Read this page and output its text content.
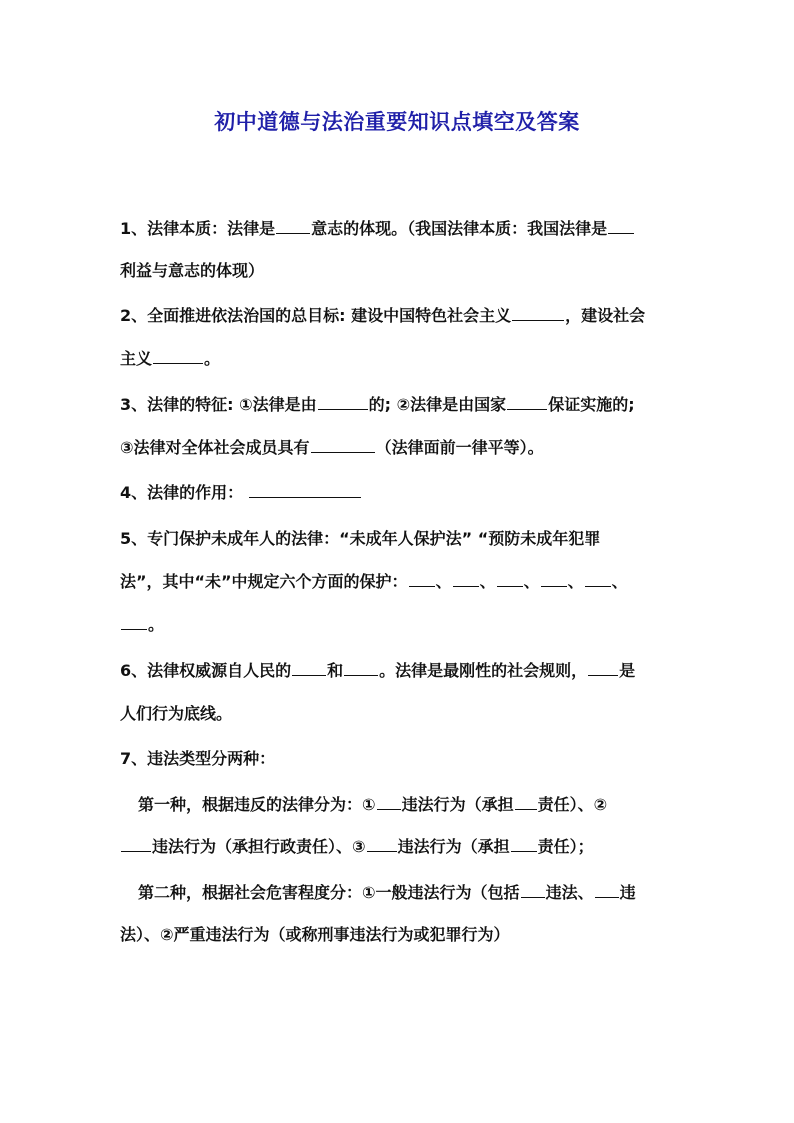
初中道德与法治重要知识点填空及答案
1、法律本质：法律是 意志的体现。（我国法律本质：我国法律是
利益与意志的体现）
2、全面推进依法治国的总目标: 建设中国特色社会主义	，建设社会
主义	。
3、法律的特征: ①法律是由	的; ②法律是由国家	保证实施的;
③法律对全体社会成员具有	（法律面前一律平等）。
4、法律的作用：
5、专门保护未成年人的法律：“未成年人保护法” “预防未成年犯罪
法”，其中“未”中规定六个方面的保护： 、 、 、 、 、
。
6、法律权威源自人民的 和 。法律是最刚性的社会规则， 是
人们行为底线。
7、违法类型分两种：
第一种，根据违反的法律分为：① 违法行为（承担 责任）、②
违法行为（承担行政责任）、③ 违法行为（承担 责任）；
第二种，根据社会危害程度分：①一般违法行为（包括 违法、 违
法）、②严重违法行为（或称刑事违法行为或犯罪行为）
